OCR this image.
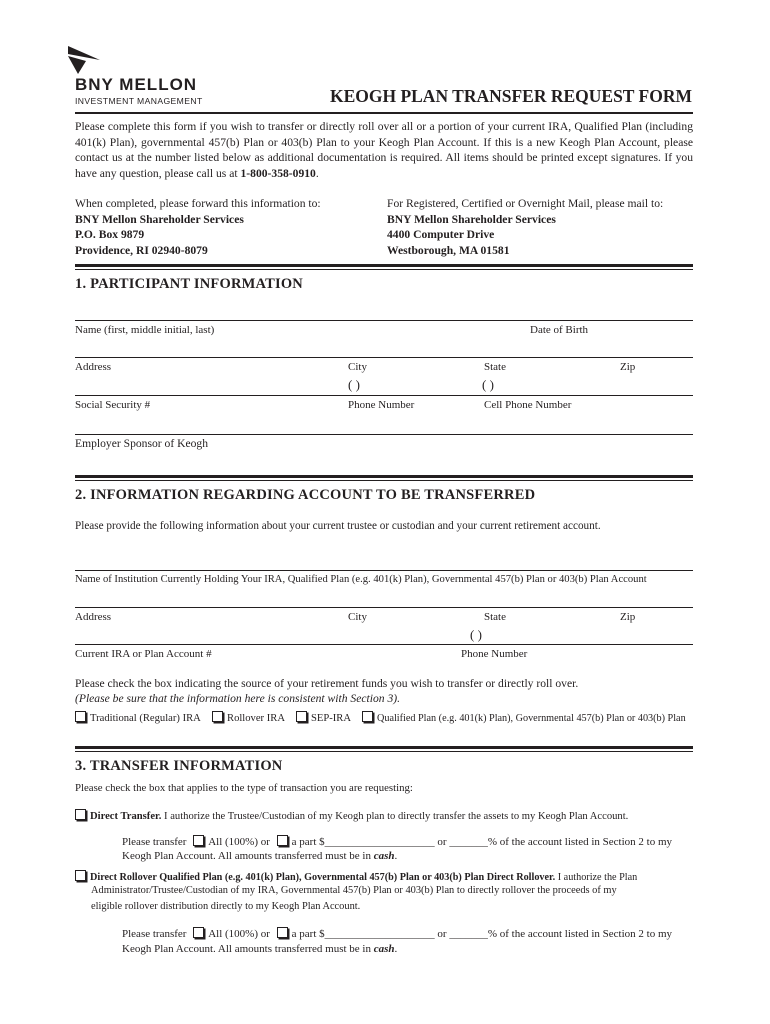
BNY MELLON
INVESTMENT MANAGEMENT	KEOGH PLAN TRANSFER REQUEST FORM
Please complete this form if you wish to transfer or directly roll over all or a portion of your current IRA, Qualified Plan (including 401(k) Plan), governmental 457(b) Plan or 403(b) Plan to your Keogh Plan Account. If this is a new Keogh Plan Account, please contact us at the number listed below as additional documentation is required. All items should be printed except signatures. If you have any question, please call us at 1-800-358-0910.
When completed, please forward this information to:
BNY Mellon Shareholder Services
P.O. Box 9879
Providence, RI 02940-8079
For Registered, Certified or Overnight Mail, please mail to:
BNY Mellon Shareholder Services
4400 Computer Drive
Westborough, MA 01581
1. PARTICIPANT INFORMATION
Name (first, middle initial, last)	Date of Birth
Address	City	State	Zip
( )	( )
Social Security #	Phone Number	Cell Phone Number
Employer Sponsor of Keogh
2. INFORMATION REGARDING ACCOUNT TO BE TRANSFERRED
Please provide the following information about your current trustee or custodian and your current retirement account.
Name of Institution Currently Holding Your IRA, Qualified Plan (e.g. 401(k) Plan), Governmental 457(b) Plan or 403(b) Plan Account
Address	City	State	Zip
( )
Current IRA or Plan Account #	Phone Number
Please check the box indicating the source of your retirement funds you wish to transfer or directly roll over.
(Please be sure that the information here is consistent with Section 3).
Traditional (Regular) IRA	Rollover IRA	SEP-IRA	Qualified Plan (e.g. 401(k) Plan), Governmental 457(b) Plan or 403(b) Plan
3. TRANSFER INFORMATION
Please check the box that applies to the type of transaction you are requesting:
Direct Transfer. I authorize the Trustee/Custodian of my Keogh plan to directly transfer the assets to my Keogh Plan Account.
Please transfer All (100%) or a part $____________________ or _______% of the account listed in Section 2 to my
Keogh Plan Account. All amounts transferred must be in cash.
Direct Rollover Qualified Plan (e.g. 401(k) Plan), Governmental 457(b) Plan or 403(b) Plan Direct Rollover. I authorize the Plan
Administrator/Trustee/Custodian of my IRA, Governmental 457(b) Plan or 403(b) Plan to directly rollover the proceeds of my
eligible rollover distribution directly to my Keogh Plan Account.
Please transfer All (100%) or a part $____________________ or _______% of the account listed in Section 2 to my
Keogh Plan Account. All amounts transferred must be in cash.
